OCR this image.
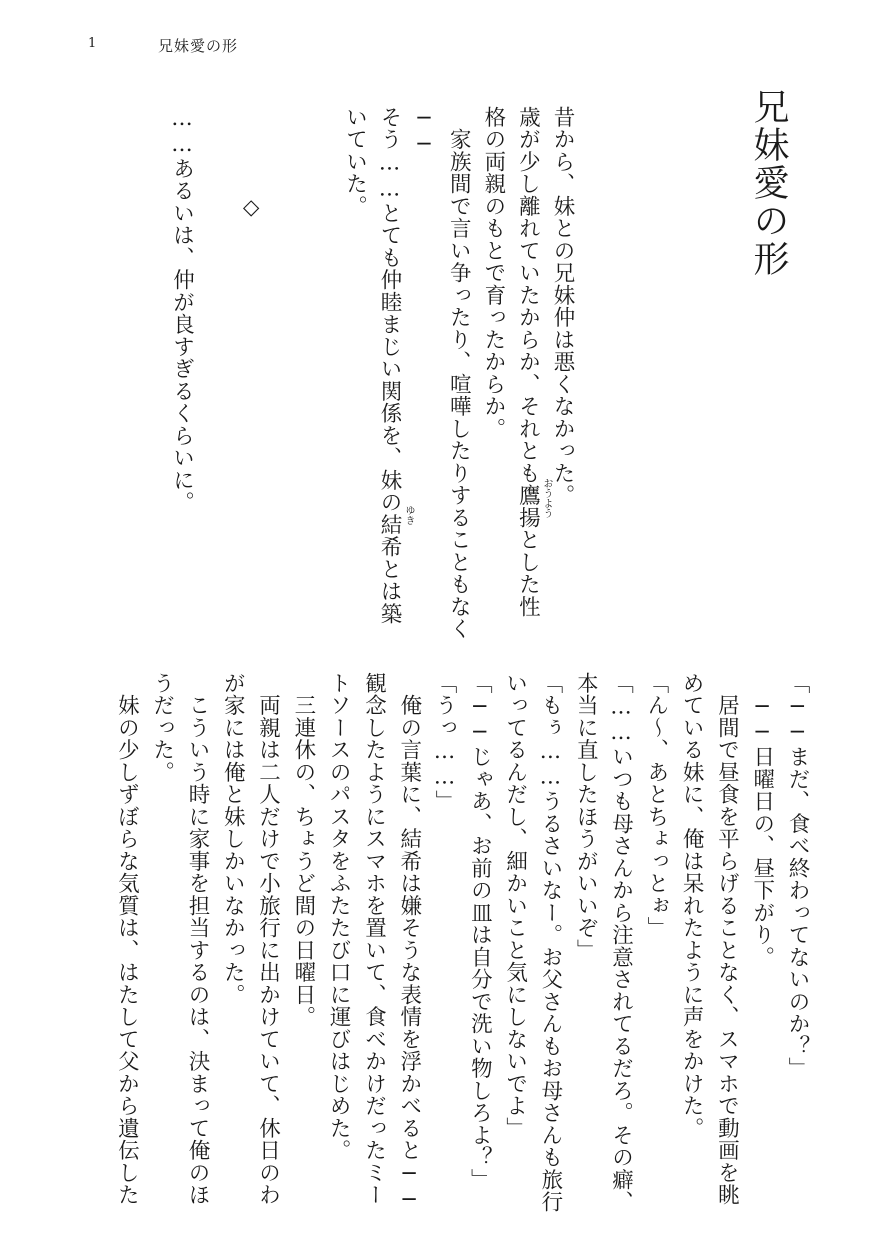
1	兄妹愛の形
兄妹愛の形
昔から、妹との兄妹仲は悪くなかった。
歳が少し離れていたからか、それとも鷹揚とした性
格の両親のもとで育ったからか。
　家族間で言い争ったり、喧嘩したりすることもなく
──
そう……とても仲睦まじい関係を、妹の結希とは築
いていた。

　　　　◇

……あるいは、仲が良すぎるくらいに。	おうよう
ゆき
「──まだ、食べ終わってないのか？」
　──日曜日の、昼下がり。
　居間で昼食を平らげることなく、スマホで動画を眺
めている妹に、俺は呆れたように声をかけた。
「ん～、あとちょっとぉ」
「……いつも母さんから注意されてるだろ。その癖、
本当に直したほうがいいぞ」
「もぅ……うるさいなー。お父さんもお母さんも旅行
いってるんだし、細かいこと気にしないでよ」
「──じゃあ、お前の皿は自分で洗い物しろよ？」
「うっ……」
　俺の言葉に、結希は嫌そうな表情を浮かべると──
観念したようにスマホを置いて、食べかけだったミー
トソースのパスタをふたたび口に運びはじめた。
　三連休の、ちょうど間の日曜日。
　両親は二人だけで小旅行に出かけていて、休日のわ
が家には俺と妹しかいなかった。
　こういう時に家事を担当するのは、決まって俺のほ
うだった。
　妹の少しずぼらな気質は、はたして父から遺伝した
